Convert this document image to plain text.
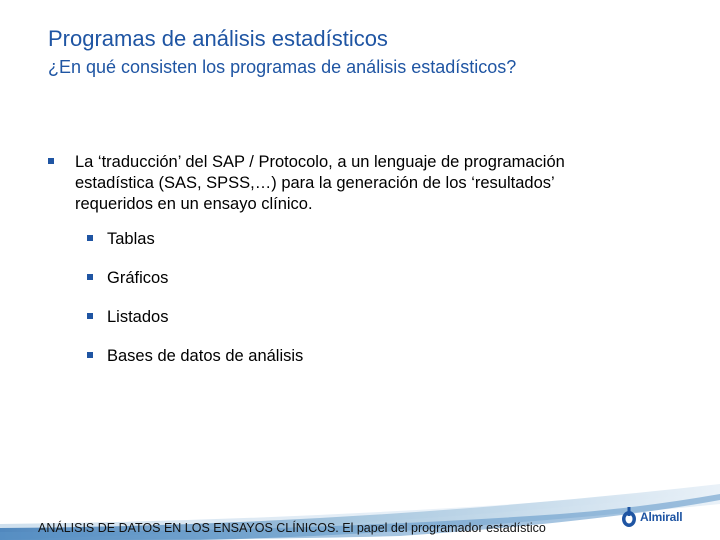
Programas de análisis estadísticos
¿En qué consisten los programas de análisis estadísticos?
La ‘traducción’ del SAP / Protocolo, a un lenguaje de programación estadística (SAS, SPSS,…) para la generación de los ‘resultados’ requeridos en un ensayo clínico.
Tablas
Gráficos
Listados
Bases de datos de análisis
ANÁLISIS DE DATOS EN LOS ENSAYOS CLÍNICOS. El papel del programador estadístico
Almirall
